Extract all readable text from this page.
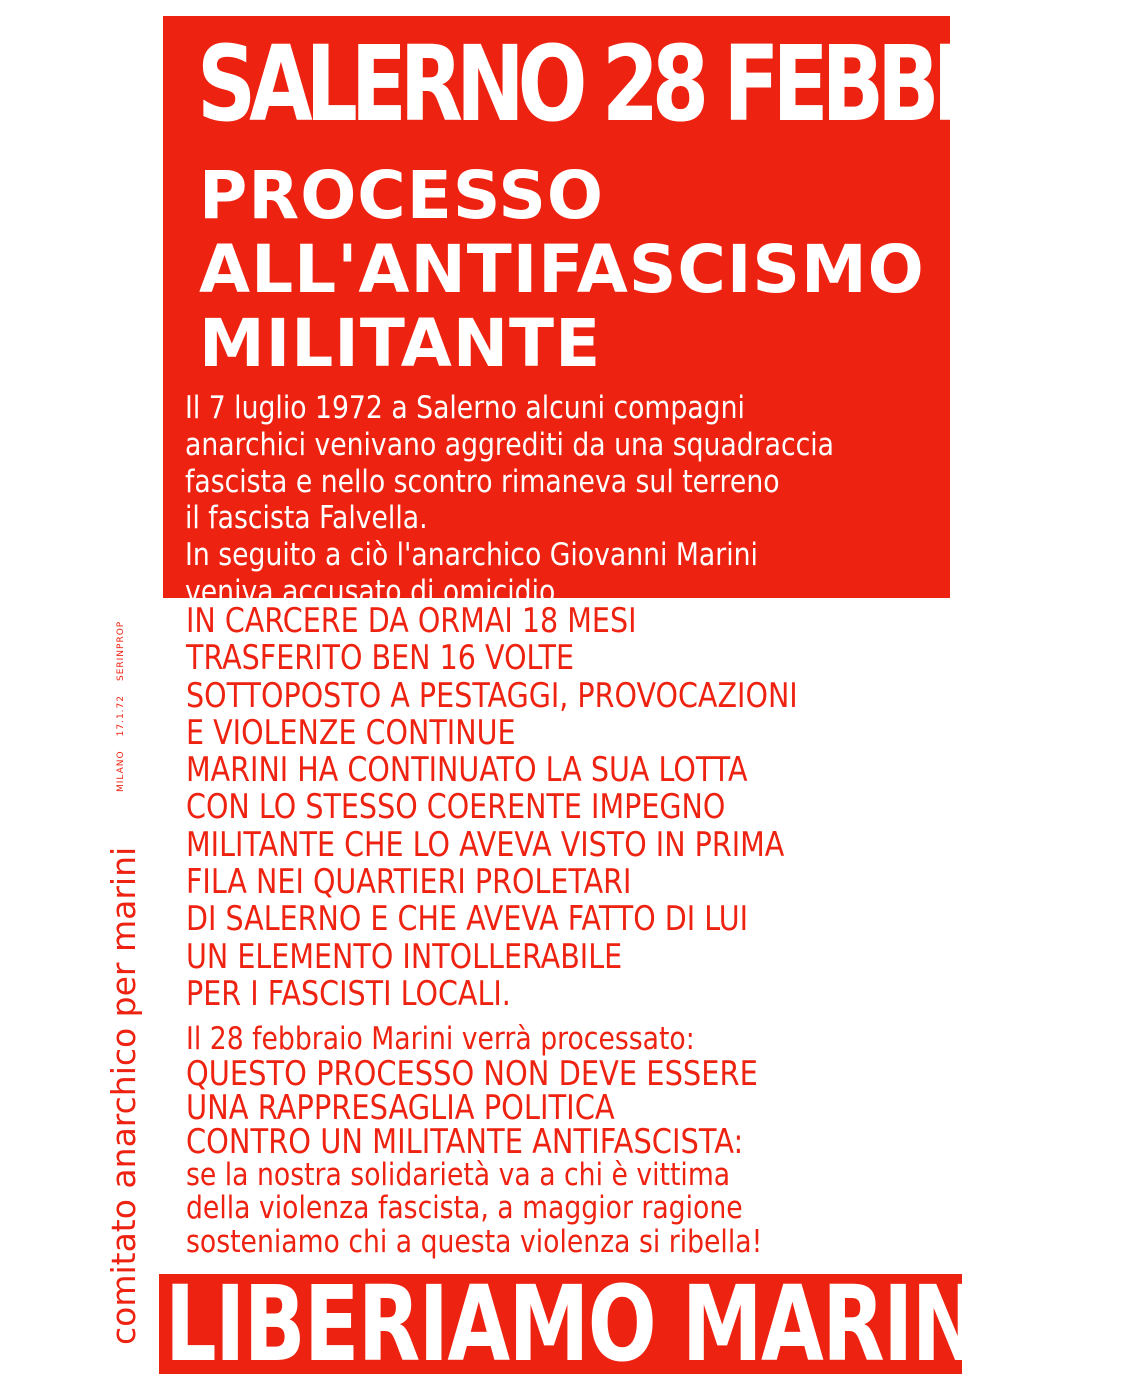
SALERNO 28 FEBBRAIO
PROCESSO
ALL'ANTIFASCISMO
MILITANTE
Il 7 luglio 1972 a Salerno alcuni compagni
anarchici venivano aggrediti da una squadraccia
fascista e nello scontro rimaneva sul terreno
il fascista Falvella.
In seguito a ciò l'anarchico Giovanni Marini
veniva accusato di omicidio.
IN CARCERE DA ORMAI 18 MESI
TRASFERITO BEN 16 VOLTE
SOTTOPOSTO A PESTAGGI, PROVOCAZIONI
E VIOLENZE CONTINUE
MARINI HA CONTINUATO LA SUA LOTTA
CON LO STESSO COERENTE IMPEGNO
MILITANTE CHE LO AVEVA VISTO IN PRIMA
FILA NEI QUARTIERI PROLETARI
DI SALERNO E CHE AVEVA FATTO DI LUI
UN ELEMENTO INTOLLERABILE
PER I FASCISTI LOCALI.
Il 28 febbraio Marini verrà processato:
QUESTO PROCESSO NON DEVE ESSERE
UNA RAPPRESAGLIA POLITICA
CONTRO UN MILITANTE ANTIFASCISTA:
se la nostra solidarietà va a chi è vittima
della violenza fascista, a maggior ragione
sosteniamo chi a questa violenza si ribella!
LIBERIAMO MARINI!

comitato anarchico per marini

MILANO
17.1.72
SERINPROP
